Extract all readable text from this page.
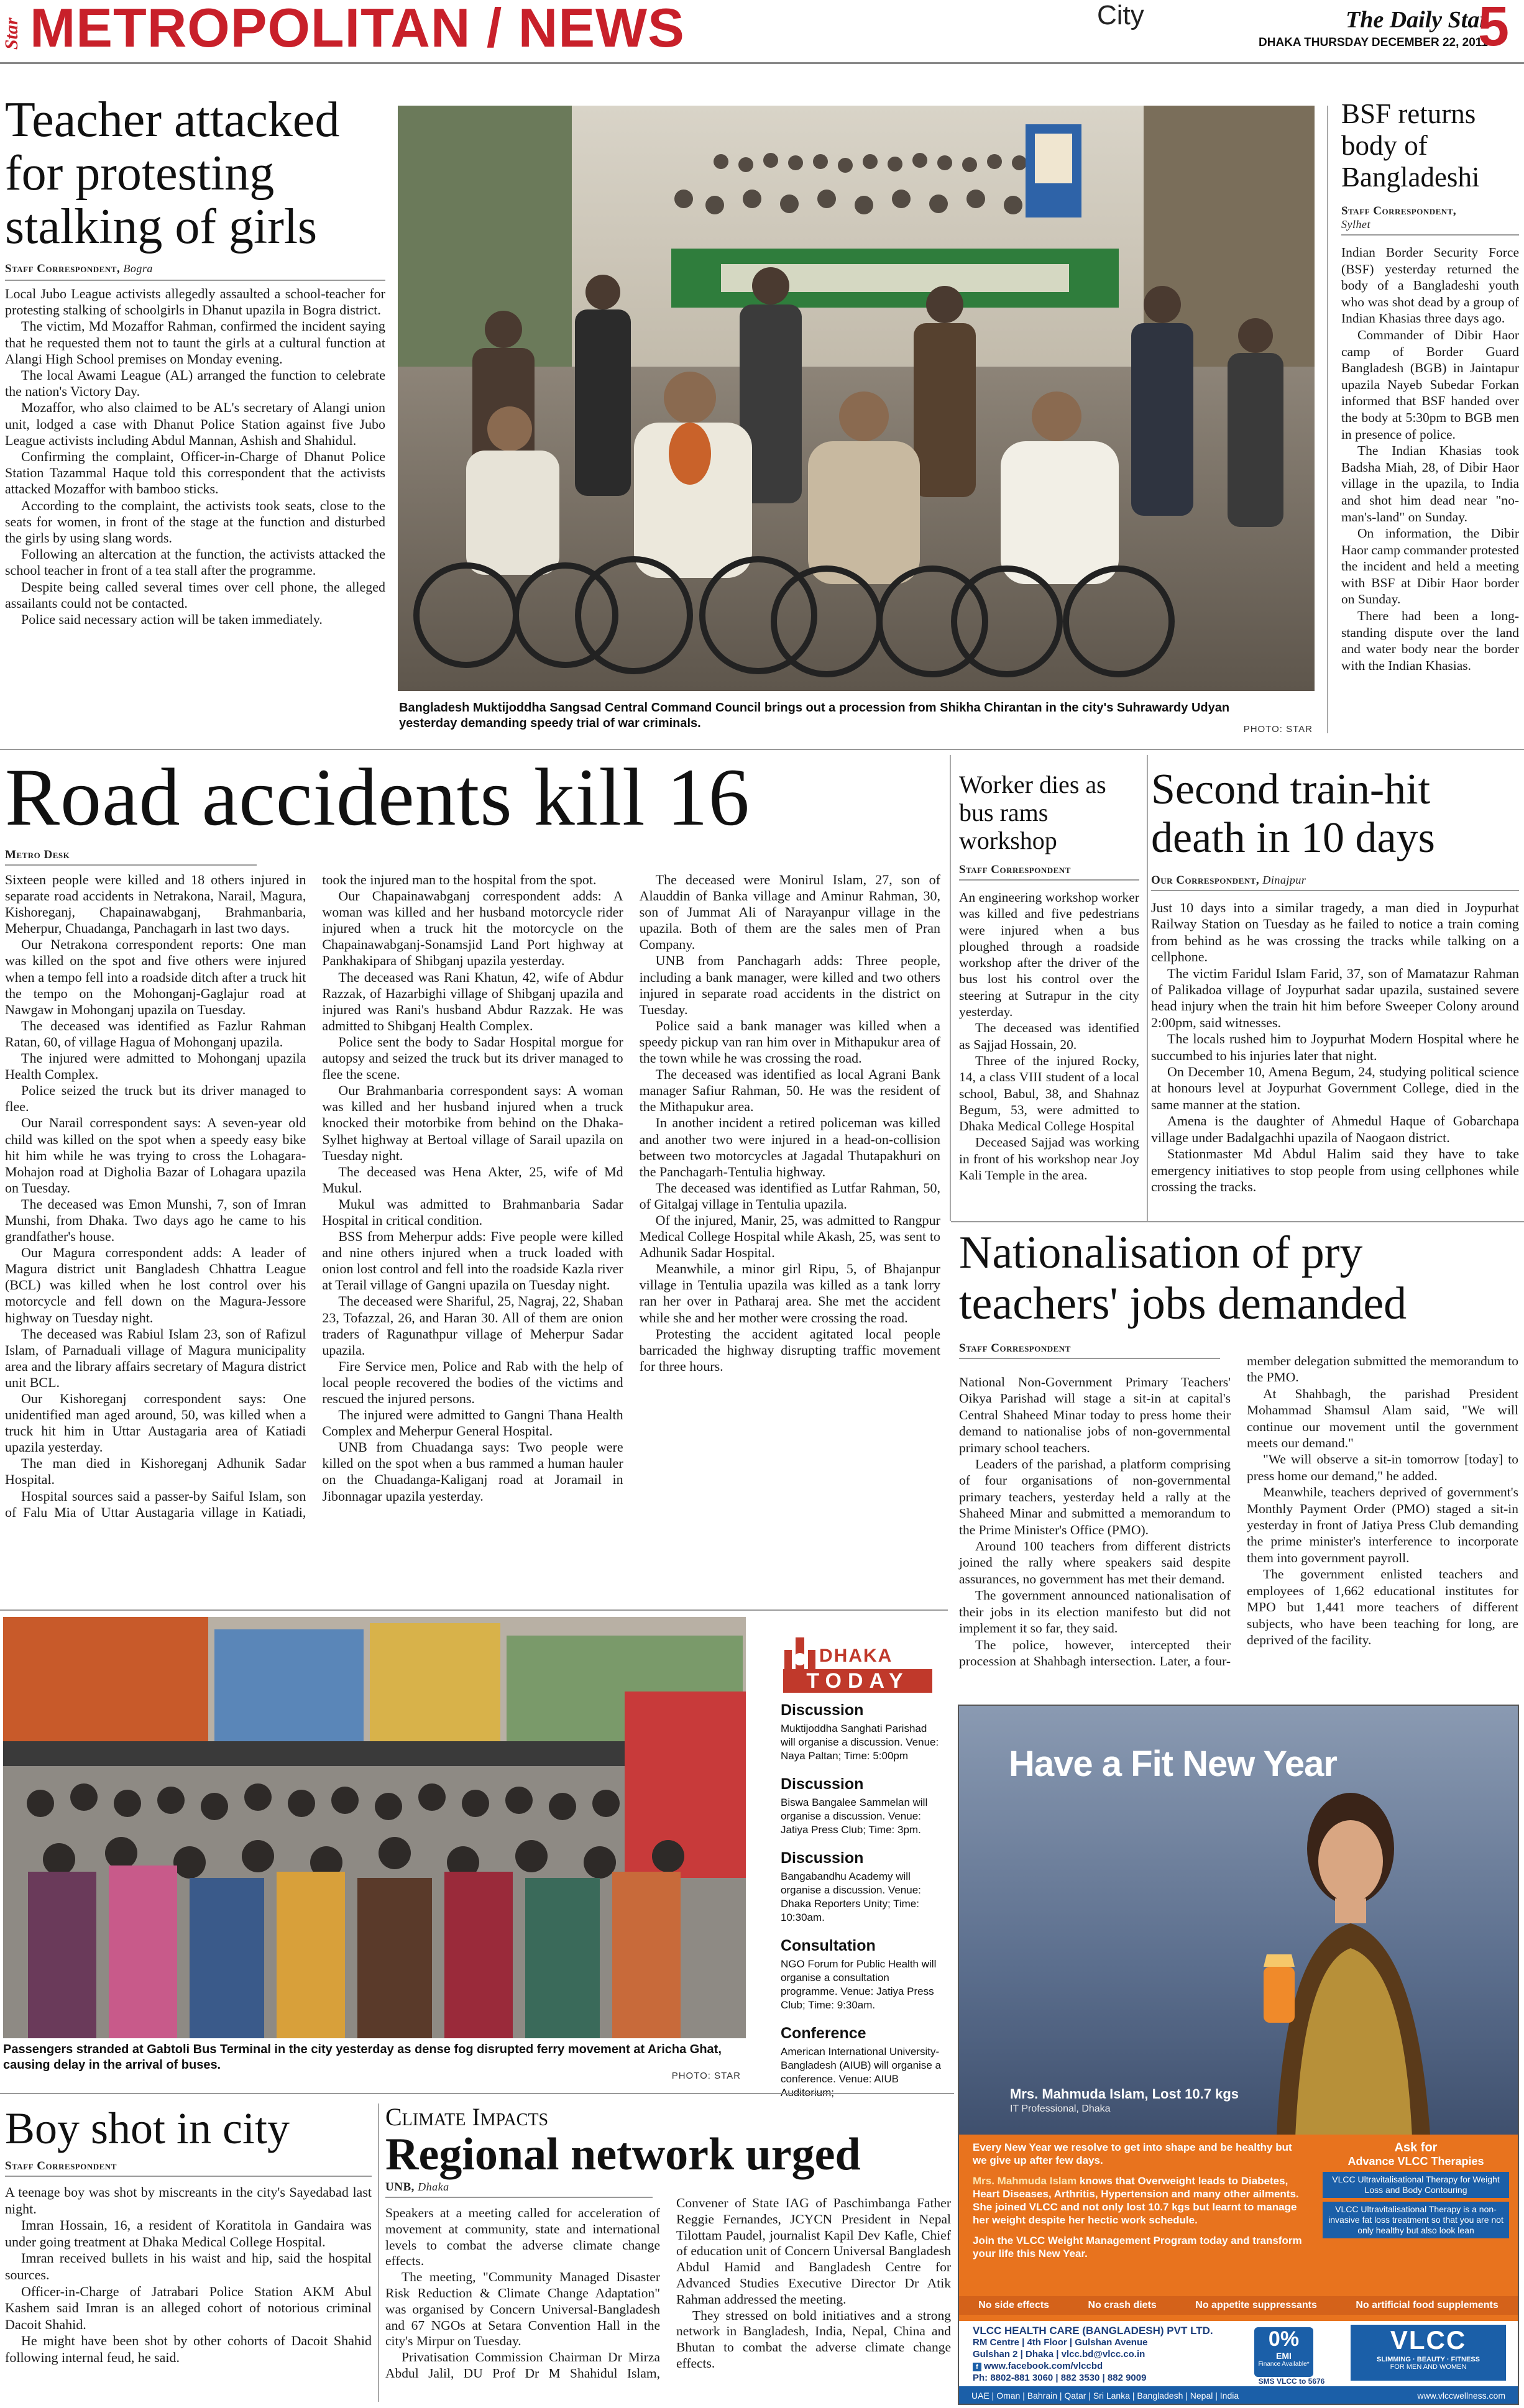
Star METROPOLITAN / NEWS	City	The Daily Star
DHAKA THURSDAY DECEMBER 22, 2011
5
Teacher attacked for protesting stalking of girls
Staff Correspondent, Bogra

Local Jubo League activists allegedly assaulted a school-teacher for protesting stalking of schoolgirls in Dhanut upazila in Bogra district.

The victim, Md Mozaffor Rahman, confirmed the incident saying that he requested them not to taunt the girls at a cultural function at Alangi High School premises on Monday evening.

The local Awami League (AL) arranged the function to celebrate the nation's Victory Day.

Mozaffor, who also claimed to be AL's secretary of Alangi union unit, lodged a case with Dhanut Police Station against five Jubo League activists including Abdul Mannan, Ashish and Shahidul.

Confirming the complaint, Officer-in-Charge of Dhanut Police Station Tazammal Haque told this correspondent that the activists attacked Mozaffor with bamboo sticks.

According to the complaint, the activists took seats, close to the seats for women, in front of the stage at the function and disturbed the girls by using slang words.

Following an altercation at the function, the activists attacked the school teacher in front of a tea stall after the programme.

Despite being called several times over cell phone, the alleged assailants could not be contacted.

Police said necessary action will be taken immediately.

Bangladesh Muktijoddha Sangsad Central Command Council brings out a procession from Shikha Chirantan in the city's Suhrawardy Udyan yesterday demanding speedy trial of war criminals.	PHOTO: STAR
BSF returns body of Bangladeshi
Staff Correspondent,
Sylhet

Indian Border Security Force (BSF) yesterday returned the body of a Bangladeshi youth who was shot dead by a group of Indian Khasias three days ago.

Commander of Dibir Haor camp of Border Guard Bangladesh (BGB) in Jaintapur upazila Nayeb Subedar Forkan informed that BSF handed over the body at 5:30pm to BGB men in presence of police.

The Indian Khasias took Badsha Miah, 28, of Dibir Haor village in the upazila, to India and shot him dead near "no-man's-land" on Sunday.

On information, the Dibir Haor camp commander protested the incident and held a meeting with BSF at Dibir Haor border on Sunday.

There had been a long-standing dispute over the land and water body near the border with the Indian Khasias.

Road accidents kill 16
Metro Desk

Sixteen people were killed and 18 others injured in separate road accidents in Netrakona, Narail, Magura, Kishoreganj, Chapainawabganj, Brahmanbaria, Meherpur, Chuadanga, Panchagarh in last two days.

Our Netrakona correspondent reports: One man was killed on the spot and five others were injured when a tempo fell into a roadside ditch after a truck hit the tempo on the Mohonganj-Gaglajur road at Nawgaw in Mohonganj upazila on Tuesday.

The deceased was identified as Fazlur Rahman Ratan, 60, of village Hagua of Mohonganj upazila.

The injured were admitted to Mohonganj upazila Health Complex.

Police seized the truck but its driver managed to flee.

Our Narail correspondent says: A seven-year old child was killed on the spot when a speedy easy bike hit him while he was trying to cross the Lohagara-Mohajon road at Digholia Bazar of Lohagara upazila on Tuesday.

The deceased was Emon Munshi, 7, son of Imran Munshi, from Dhaka. Two days ago he came to his grandfather's house.

Our Magura correspondent adds: A leader of Magura district unit Bangladesh Chhattra League (BCL) was killed when he lost control over his motorcycle and fell down on the Magura-Jessore highway on Tuesday night.

The deceased was Rabiul Islam 23, son of Rafizul Islam, of Parnaduali village of Magura municipality area and the library affairs secretary of Magura district unit BCL.

Our Kishoreganj correspondent says: One unidentified man aged around, 50, was killed when a truck hit him in Uttar Austagaria area of Katiadi upazila yesterday.

The man died in Kishoreganj Adhunik Sadar Hospital.

Hospital sources said a passer-by Saiful Islam, son of Falu Mia of Uttar Austagaria village in Katiadi, took the injured man to the hospital from the spot.

Our Chapainawabganj correspondent adds: A woman was killed and her husband motorcycle rider injured when a truck hit the motorcycle on the Chapainawabganj-Sonamsjid Land Port highway at Pankhakipara of Shibganj upazila yesterday.

The deceased was Rani Khatun, 42, wife of Abdur Razzak, of Hazarbighi village of Shibganj upazila and injured was Rani's husband Abdur Razzak. He was admitted to Shibganj Health Complex.

Police sent the body to Sadar Hospital morgue for autopsy and seized the truck but its driver managed to flee the scene.

Our Brahmanbaria correspondent says: A woman was killed and her husband injured when a truck knocked their motorbike from behind on the Dhaka-Sylhet highway at Bertoal village of Sarail upazila on Tuesday night.

The deceased was Hena Akter, 25, wife of Md Mukul.

Mukul was admitted to Brahmanbaria Sadar Hospital in critical condition.

BSS from Meherpur adds: Five people were killed and nine others injured when a truck loaded with onion lost control and fell into the roadside Kazla river at Terail village of Gangni upazila on Tuesday night.

The deceased were Shariful, 25, Nagraj, 22, Shaban 23, Tofazzal, 26, and Haran 30. All of them are onion traders of Ragunathpur village of Meherpur Sadar upazila.

Fire Service men, Police and Rab with the help of local people recovered the bodies of the victims and rescued the injured persons.

The injured were admitted to Gangni Thana Health Complex and Meherpur General Hospital.

UNB from Chuadanga says: Two people were killed on the spot when a bus rammed a human hauler on the Chuadanga-Kaliganj road at Joramail in Jibonnagar upazila yesterday.

The deceased were Monirul Islam, 27, son of Alauddin of Banka village and Aminur Rahman, 30, son of Jummat Ali of Narayanpur village in the upazila. Both of them are the sales men of Pran Company.

UNB from Panchagarh adds: Three people, including a bank manager, were killed and two others injured in separate road accidents in the district on Tuesday.

Police said a bank manager was killed when a speedy pickup van ran him over in Mithapukur area of the town while he was crossing the road.

The deceased was identified as local Agrani Bank manager Safiur Rahman, 50. He was the resident of the Mithapukur area.

In another incident a retired policeman was killed and another two were injured in a head-on-collision between two motorcycles at Jagadal Thutapakhuri on the Panchagarh-Tentulia highway.

The deceased was identified as Lutfar Rahman, 50, of Gitalgaj village in Tentulia upazila.

Of the injured, Manir, 25, was admitted to Rangpur Medical College Hospital while Akash, 25, was sent to Adhunik Sadar Hospital.

Meanwhile, a minor girl Ripu, 5, of Bhajanpur village in Tentulia upazila was killed as a tank lorry ran her over in Patharaj area. She met the accident while she and her mother were crossing the road.

Protesting the accident agitated local people barricaded the highway disrupting traffic movement for three hours.

Worker dies as bus rams workshop
Staff Correspondent

An engineering workshop worker was killed and five pedestrians were injured when a bus ploughed through a roadside workshop after the driver of the bus lost his control over the steering at Sutrapur in the city yesterday.

The deceased was identified as Sajjad Hossain, 20.

Three of the injured Rocky, 14, a class VIII student of a local school, Babul, 38, and Shahnaz Begum, 53, were admitted to Dhaka Medical College Hospital

Deceased Sajjad was working in front of his workshop near Joy Kali Temple in the area.

Second train-hit death in 10 days
Our Correspondent, Dinajpur

Just 10 days into a similar tragedy, a man died in Joypurhat Railway Station on Tuesday as he failed to notice a train coming from behind as he was crossing the tracks while talking on a cellphone.

The victim Faridul Islam Farid, 37, son of Mamatazur Rahman of Palikadoa village of Joypurhat sadar upazila, sustained severe head injury when the train hit him before Sweeper Colony around 2:00pm, said witnesses.

The locals rushed him to Joypurhat Modern Hospital where he succumbed to his injuries later that night.

On December 10, Amena Begum, 24, studying political science at honours level at Joypurhat Government College, died in the same manner at the station.

Amena is the daughter of Ahmedul Haque of Gobarchapa village under Badalgachhi upazila of Naogaon district.

Stationmaster Md Abdul Halim said they have to take emergency initiatives to stop people from using cellphones while crossing the tracks.

Nationalisation of pry teachers' jobs demanded
Staff Correspondent

National Non-Government Primary Teachers' Oikya Parishad will stage a sit-in at capital's Central Shaheed Minar today to press home their demand to nationalise jobs of non-governmental primary school teachers.

Leaders of the parishad, a platform comprising of four organisations of non-governmental primary teachers, yesterday held a rally at the Shaheed Minar and submitted a memorandum to the Prime Minister's Office (PMO).

Around 100 teachers from different districts joined the rally where speakers said despite assurances, no government has met their demand.

The government announced nationalisation of their jobs in its election manifesto but did not implement it so far, they said.

The police, however, intercepted their procession at Shahbagh intersection. Later, a four-member delegation submitted the memorandum to the PMO.

At Shahbagh, the parishad President Mohammad Shamsul Alam said, "We will continue our movement until the government meets our demand."

"We will observe a sit-in tomorrow [today] to press home our demand," he added.

Meanwhile, teachers deprived of government's Monthly Payment Order (PMO) staged a sit-in yesterday in front of Jatiya Press Club demanding the prime minister's interference to incorporate them into government payroll.

The government enlisted teachers and employees of 1,662 educational institutes for MPO but 1,441 more teachers of different subjects, who have been teaching for long, are deprived of the facility.

Passengers stranded at Gabtoli Bus Terminal in the city yesterday as dense fog disrupted ferry movement at Aricha Ghat, causing delay in the arrival of buses.
PHOTO: STAR
DHAKA
TODAY
Discussion
Muktijoddha Sanghati Parishad will organise a discussion. Venue: Naya Paltan; Time: 5:00pm
Discussion
Biswa Bangalee Sammelan will organise a discussion. Venue: Jatiya Press Club; Time: 3pm.
Discussion
Bangabandhu Academy will organise a discussion. Venue: Dhaka Reporters Unity; Time: 10:30am.
Consultation
NGO Forum for Public Health will organise a consultation programme. Venue: Jatiya Press Club; Time: 9:30am.
Conference
American International University-Bangladesh (AIUB) will organise a conference. Venue: AIUB
Have a Fit New Year
Mrs. Mahmuda Islam, Lost 10.7 kgs
IT Professional, Dhaka
Every New Year we resolve to get into shape and be healthy but we give up after few days.
Mrs. Mahmuda Islam knows that Overweight leads to Diabetes, Heart Diseases, Arthritis, Hypertension and many other ailments. She joined VLCC and not only lost 10.7 kgs but learnt to manage her weight despite her hectic work schedule.
Join the VLCC Weight Management Program today and transform your life this New Year.
Ask for
Advance VLCC Therapies
VLCC Ultravitalisational Therapy for Weight Loss and Body Contouring
VLCC Ultravitalisational Therapy is a non-invasive fat loss treatment so that you are not only healthy but also look lean
No side effects	No crash diets	No appetite suppressants	No artificial food supplements
VLCC HEALTH CARE (BANGLADESH) PVT LTD.
RM Centre | 4th Floor | Gulshan Avenue
Gulshan 2 | Dhaka | vlcc.bd@vlcc.co.in
f www.facebook.com/vlccbd
Ph: 8802-881 3060 | 882 3530 | 882 9009
0%
EMI
Finance Available*
SMS VLCC to 5676
VLCC
SLIMMING · BEAUTY · FITNESS
FOR MEN AND WOMEN
UAE | Oman | Bahrain | Qatar | Sri Lanka | Bangladesh | Nepal | India	www.vlccwellness.com
Boy shot in city
Staff Correspondent

A teenage boy was shot by miscreants in the city's Sayedabad last night.

Imran Hossain, 16, a resident of Koratitola in Gandaira was under going treatment at Dhaka Medical College Hospital.

Imran received bullets in his waist and hip, said the hospital sources.

Officer-in-Charge of Jatrabari Police Station AKM Abul Kashem said Imran is an alleged cohort of notorious criminal Dacoit Shahid.

He might have been shot by other cohorts of Dacoit Shahid following internal feud, he said.

Climate Impacts
Regional network urged
UNB, Dhaka

Speakers at a meeting called for acceleration of movement at community, state and international levels to combat the adverse climate change effects.

The meeting, "Community Managed Disaster Risk Reduction & Climate Change Adaptation" was organised by Concern Universal-Bangladesh and 67 NGOs at Setara Convention Hall in the city's Mirpur on Tuesday.

Privatisation Commission Chairman Dr Mirza Abdul Jalil, DU Prof Dr M Shahidul Islam, Convener of State IAG of Paschimbanga Father Reggie Fernandes, JCYCN President in Nepal Tilottam Paudel, journalist Kapil Dev Kafle, Chief of education unit of Concern Universal Bangladesh Abdul Hamid and Bangladesh Centre for Advanced Studies Executive Director Dr Atik Rahman addressed the meeting.

They stressed on bold initiatives and a strong network in Bangladesh, India, Nepal, China and Bhutan to combat the adverse climate change effects.
